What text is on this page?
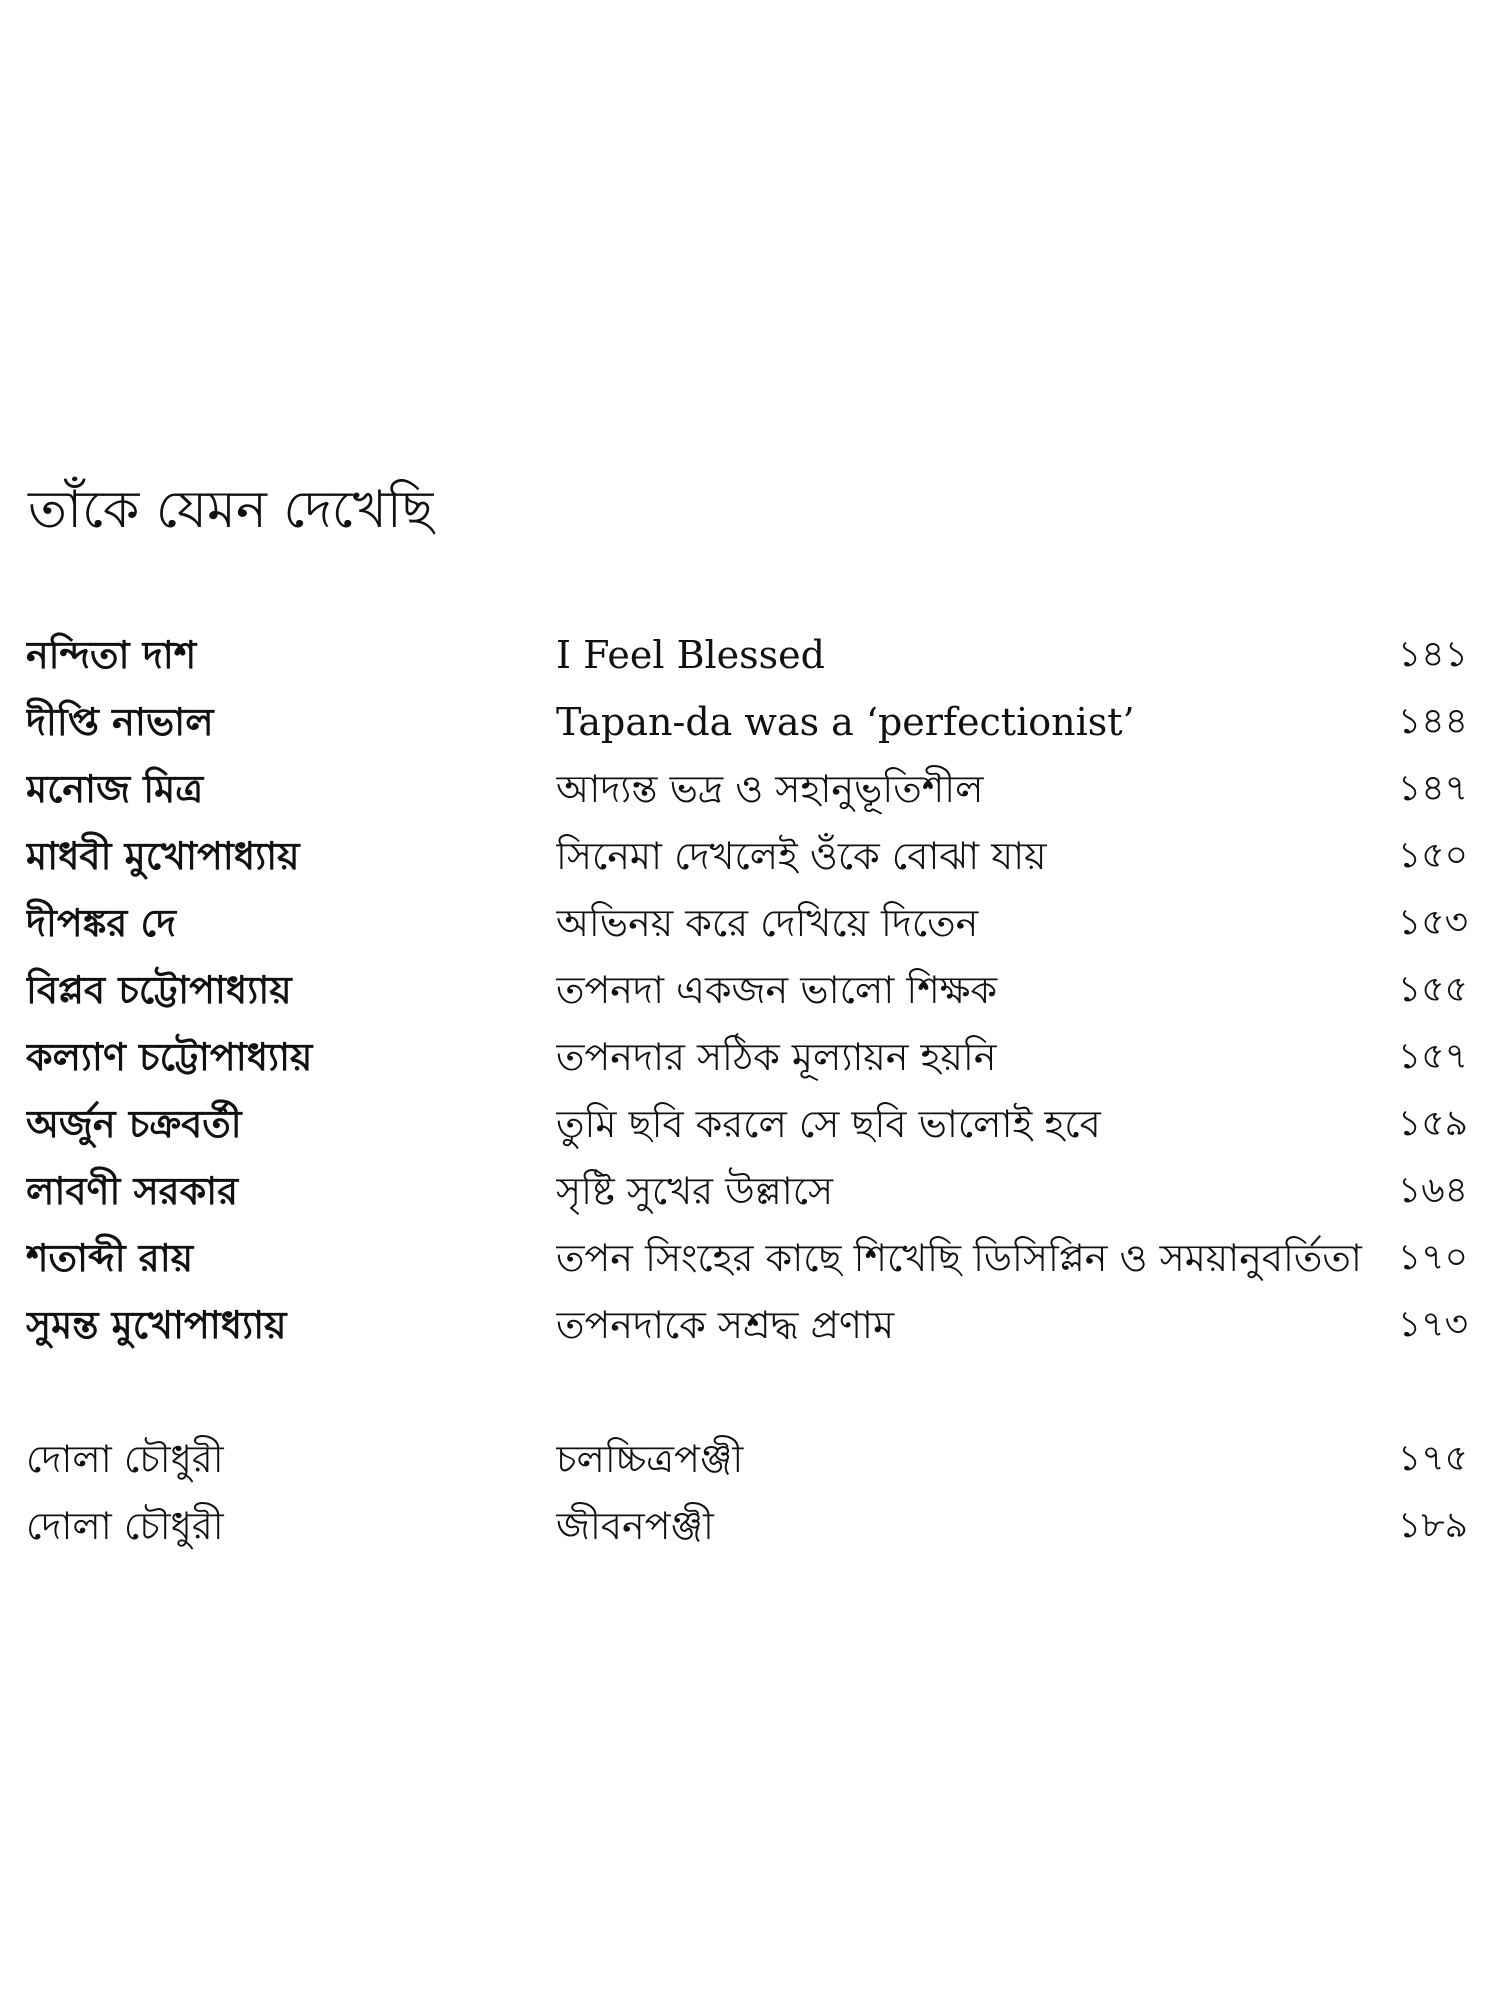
তাঁকে যেমন দেখেছি
নন্দিতা দাশ	I Feel Blessed	১৪১
দীপ্তি নাভাল	Tapan-da was a ‘perfectionist’	১৪৪
মনোজ মিত্র	আদ্যন্ত ভদ্র ও সহানুভূতিশীল	১৪৭
মাধবী মুখোপাধ্যায়	সিনেমা দেখলেই ওঁকে বোঝা যায়	১৫০
দীপঙ্কর দে	অভিনয় করে দেখিয়ে দিতেন	১৫৩
বিপ্লব চট্টোপাধ্যায়	তপনদা একজন ভালো শিক্ষক	১৫৫
কল্যাণ চট্টোপাধ্যায়	তপনদার সঠিক মূল্যায়ন হয়নি	১৫৭
অর্জুন চক্রবর্তী	তুমি ছবি করলে সে ছবি ভালোই হবে	১৫৯
লাবণী সরকার	সৃষ্টি সুখের উল্লাসে	১৬৪
শতাব্দী রায়	তপন সিংহের কাছে শিখেছি ডিসিপ্লিন ও সময়ানুবর্তিতা ১৭০
সুমন্ত মুখোপাধ্যায়	তপনদাকে সশ্রদ্ধ প্রণাম	১৭৩
দোলা চৌধুরী	চলচ্চিত্রপঞ্জী	১৭৫
দোলা চৌধুরী	জীবনপঞ্জী	১৮৯
